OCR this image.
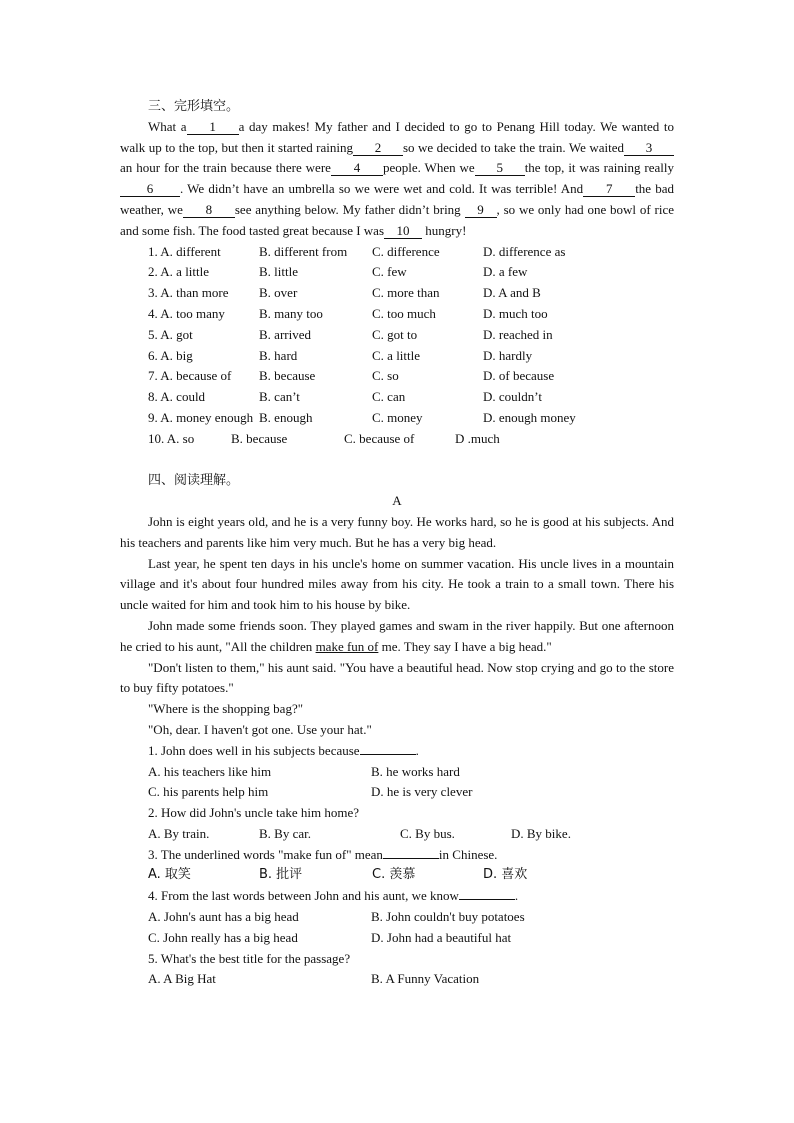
三、完形填空。
What a 1 a day makes! My father and I decided to go to Penang Hill today. We wanted to walk up to the top, but then it started raining 2 so we decided to take the train. We waited 3an hour for the train because there were 4 people. When we 5 the top, it was raining really6 . We didn’t have an umbrella so we were wet and cold. It was terrible! And 7 the bad weather, we 8 see anything below. My father didn’t bring 9 , so we only had one bowl of rice and some fish. The food tasted great because I was 10 hungry!
1. A. different	B. different from	C. difference	D. difference as
2. A. a little	B. little	C. few	D. a few
3. A. than more	B. over	C. more than	D. A and B
4. A. too many	B. many too	C. too much	D. much too
5. A. got	B. arrived	C. got to	D. reached in
6. A. big	B. hard	C. a little	D. hardly
7. A. because of	B. because	C. so	D. of because
8. A. could	B. can’t	C. can	D. couldn’t
9. A. money enough B. enough	C. money	D. enough money
10. A. so	B. because	C. because of	D .much
四、阅读理解。
A
John is eight years old, and he is a very funny boy. He works hard, so he is good at his subjects. And his teachers and parents like him very much. But he has a very big head.
Last year, he spent ten days in his uncle's home on summer vacation. His uncle lives in a mountain village and it's about four hundred miles away from his city. He took a train to a small town. There his uncle waited for him and took him to his house by bike.
John made some friends soon. They played games and swam in the river happily. But one afternoon he cried to his aunt, "All the children make fun of me. They say I have a big head."
"Don't listen to them," his aunt said. "You have a beautiful head. Now stop crying and go to the store to buy fifty potatoes."
"Where is the shopping bag?"
"Oh, dear. I haven't got one. Use your hat."
1. John does well in his subjects because	.
A. his teachers like him	B. he works hard
C. his parents help him	D. he is very clever
2. How did John's uncle take him home?
A. By train.	B. By car.	C. By bus.	D. By bike.
3. The underlined words "make fun of" mean	in Chinese.
A. 取笑	B. 批评	C. 羡慕	D. 喜欢
4. From the last words between John and his aunt, we know	.
A. John's aunt has a big head	B. John couldn't buy potatoes
C. John really has a big head	D. John had a beautiful hat
5. What's the best title for the passage?
A. A Big Hat	B. A Funny Vacation
